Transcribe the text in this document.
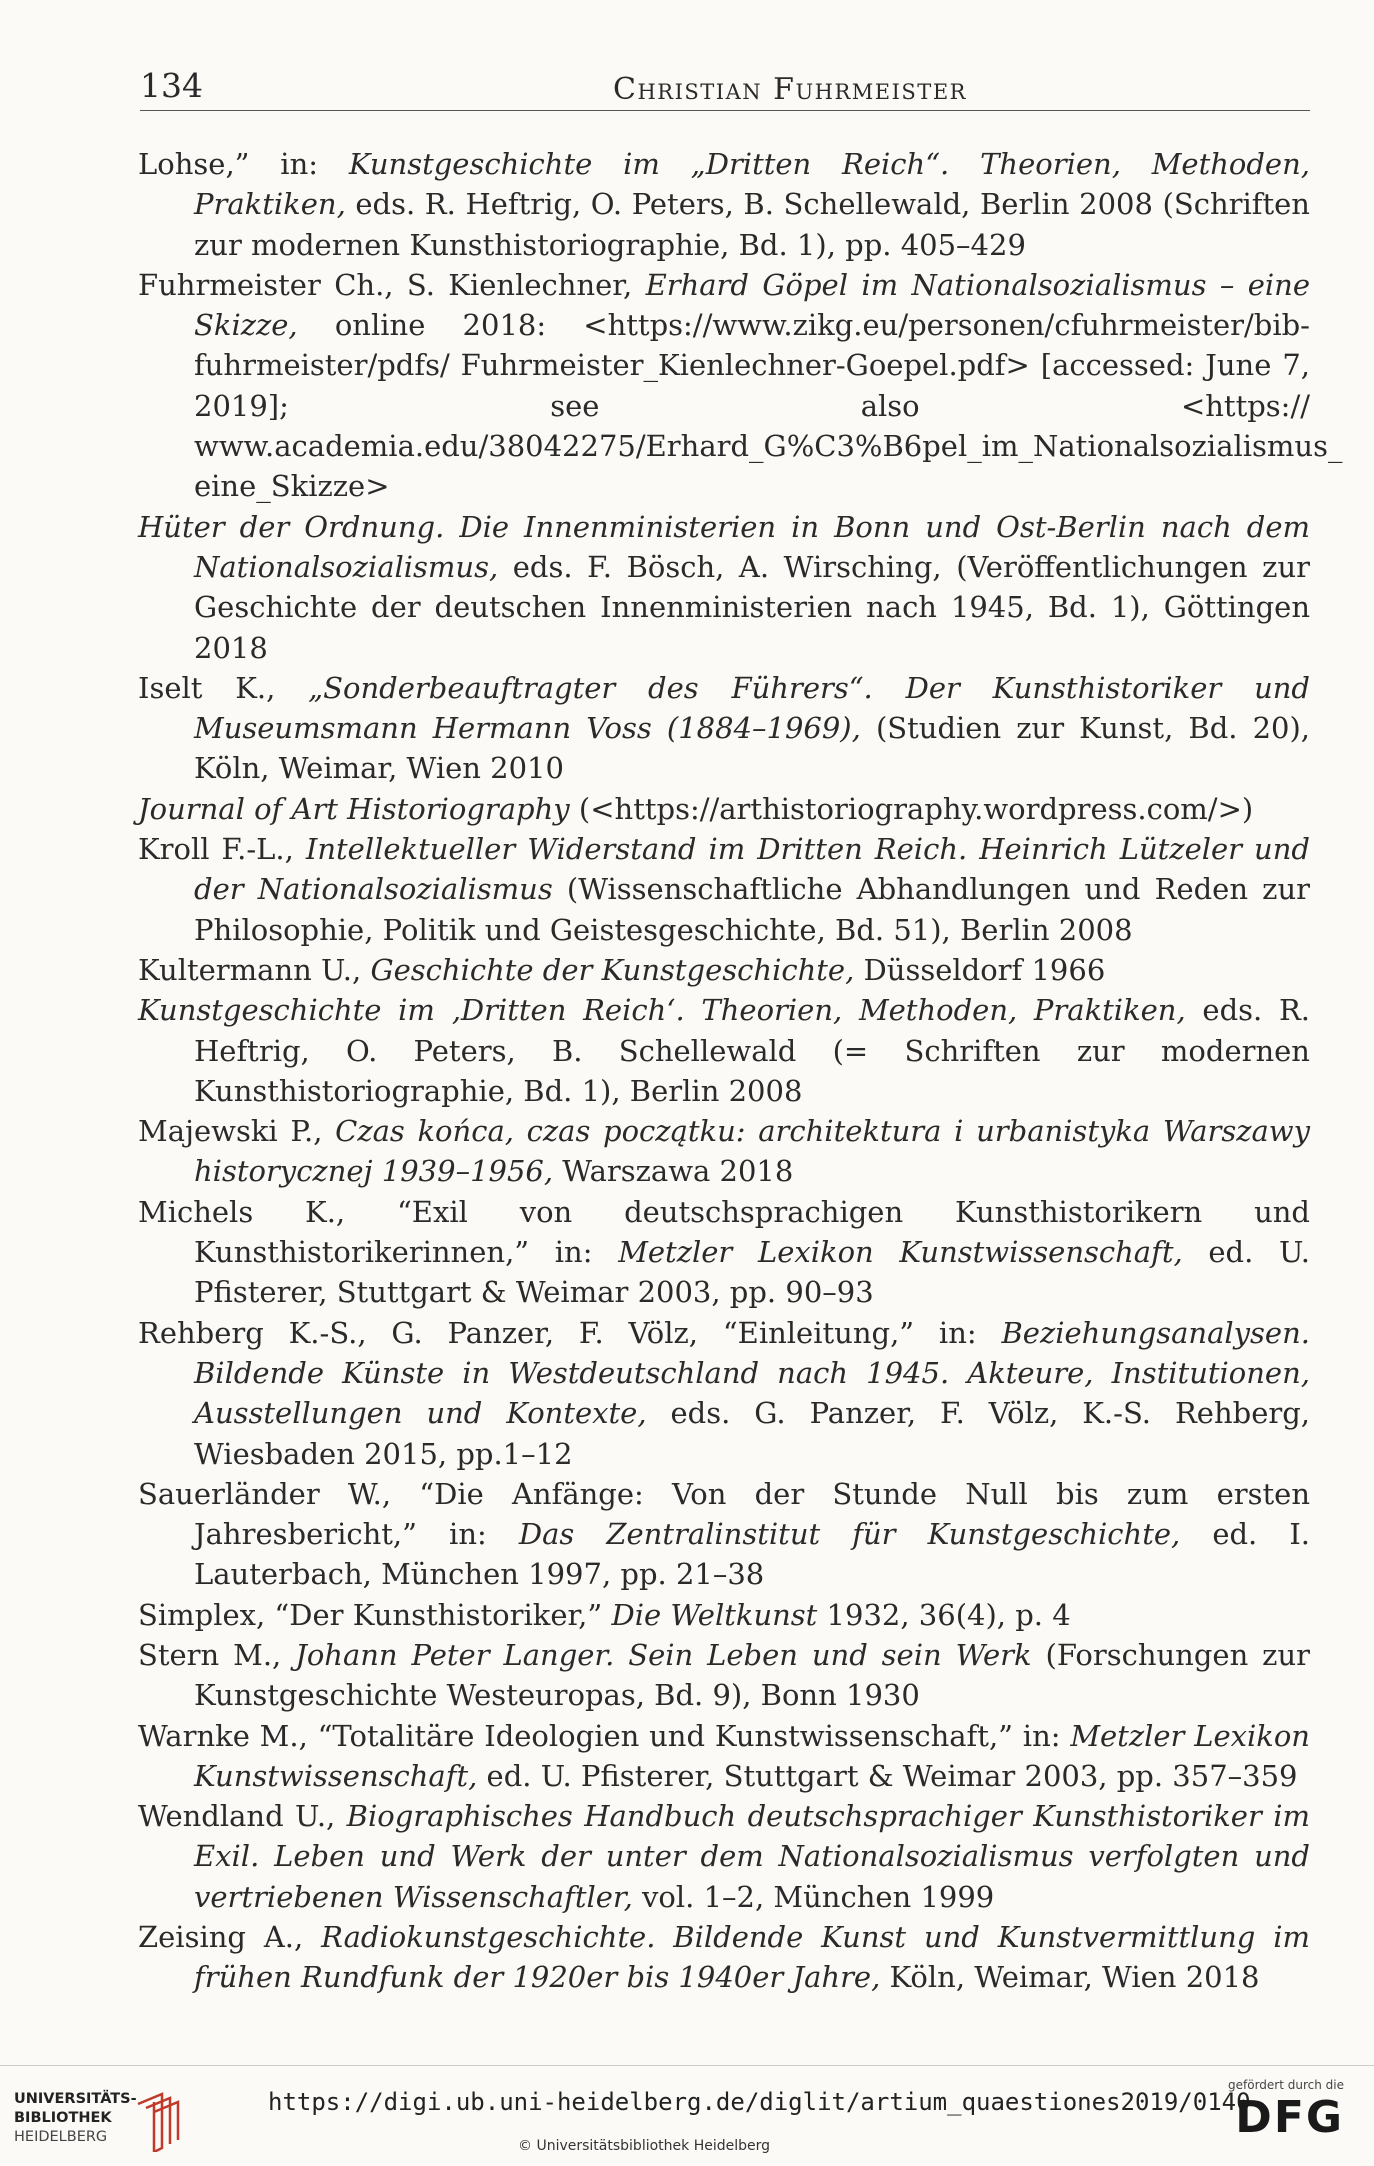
134	Christian Fuhrmeister

Lohse,” in: Kunstgeschichte im „Dritten Reich“. Theorien, Methoden, Praktiken, eds. R. Heftrig, O. Peters, B. Schellewald, Berlin 2008 (Schriften zur modernen Kunsthistoriographie, Bd. 1), pp. 405–429

Fuhrmeister Ch., S. Kienlechner, Erhard Göpel im Nationalsozialismus – eine Skizze, online 2018: <https://www.zikg.eu/personen/cfuhrmeister/bib-fuhrmeister/pdfs/ Fuhrmeister_Kienlechner-Goepel.pdf> [accessed: June 7, 2019]; see also <https:// www.academia.edu/38042275/Erhard_G%C3%B6pel_im_Nationalsozialismus_ eine_Skizze>

Hüter der Ordnung. Die Innenministerien in Bonn und Ost-Berlin nach dem Nationalsozialismus, eds. F. Bösch, A. Wirsching, (Veröffentlichungen zur Geschichte der deutschen Innenministerien nach 1945, Bd. 1), Göttingen 2018

Iselt K., „Sonderbeauftragter des Führers“. Der Kunsthistoriker und Museumsmann Hermann Voss (1884–1969), (Studien zur Kunst, Bd. 20), Köln, Weimar, Wien 2010

Journal of Art Historiography (<https://arthistoriography.wordpress.com/>)

Kroll F.-L., Intellektueller Widerstand im Dritten Reich. Heinrich Lützeler und der Nationalsozialismus (Wissenschaftliche Abhandlungen und Reden zur Philosophie, Politik und Geistesgeschichte, Bd. 51), Berlin 2008

Kultermann U., Geschichte der Kunstgeschichte, Düsseldorf 1966

Kunstgeschichte im ‚Dritten Reich‘. Theorien, Methoden, Praktiken, eds. R. Heftrig, O. Peters, B. Schellewald (= Schriften zur modernen Kunsthistoriographie, Bd. 1), Berlin 2008

Majewski P., Czas końca, czas początku: architektura i urbanistyka Warszawy historycznej 1939–1956, Warszawa 2018

Michels K., “Exil von deutschsprachigen Kunsthistorikern und Kunsthistorikerinnen,” in: Metzler Lexikon Kunstwissenschaft, ed. U. Pfisterer, Stuttgart & Weimar 2003, pp. 90–93

Rehberg K.-S., G. Panzer, F. Völz, “Einleitung,” in: Beziehungsanalysen. Bildende Künste in Westdeutschland nach 1945. Akteure, Institutionen, Ausstellungen und Kontexte, eds. G. Panzer, F. Völz, K.-S. Rehberg, Wiesbaden 2015, pp.1–12

Sauerländer W., “Die Anfänge: Von der Stunde Null bis zum ersten Jahresbericht,” in: Das Zentralinstitut für Kunstgeschichte, ed. I. Lauterbach, München 1997, pp. 21–38

Simplex, “Der Kunsthistoriker,” Die Weltkunst 1932, 36(4), p. 4

Stern M., Johann Peter Langer. Sein Leben und sein Werk (Forschungen zur Kunstgeschichte Westeuropas, Bd. 9), Bonn 1930

Warnke M., “Totalitäre Ideologien und Kunstwissenschaft,” in: Metzler Lexikon Kunstwissenschaft, ed. U. Pfisterer, Stuttgart & Weimar 2003, pp. 357–359

Wendland U., Biographisches Handbuch deutschsprachiger Kunsthistoriker im Exil. Leben und Werk der unter dem Nationalsozialismus verfolgten und vertriebenen Wissenschaftler, vol. 1–2, München 1999

Zeising A., Radiokunstgeschichte. Bildende Kunst und Kunstvermittlung im frühen Rundfunk der 1920er bis 1940er Jahre, Köln, Weimar, Wien 2018

UNIVERSITÄTS-
BIBLIOTHEK
HEIDELBERG
https://digi.ub.uni-heidelberg.de/diglit/artium_quaestiones2019/0140
© Universitätsbibliothek Heidelberg
gefördert durch die
DFG
